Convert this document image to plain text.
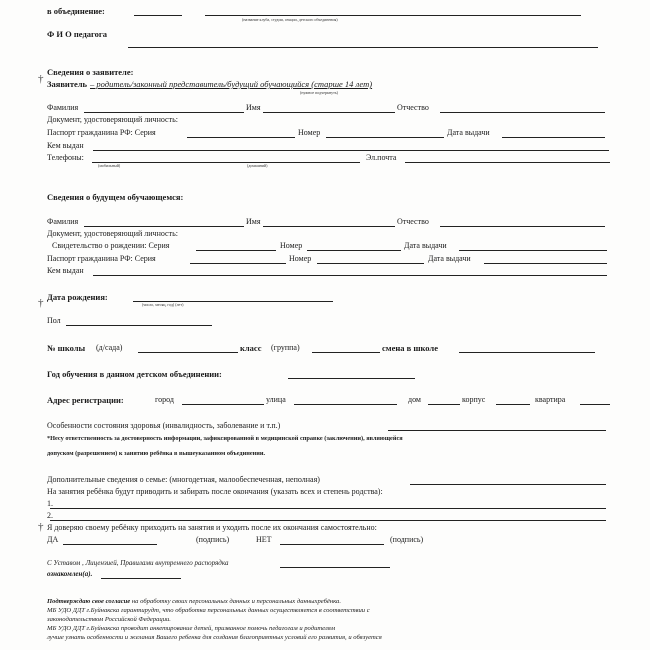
в объединение:
(название клуба, студии, секции, детского объединения)
Ф И О педагога
Сведения о заявителе:
† Заявитель – родитель/законный представитель/будущий обучающийся (старше 14 лет)
(нужное подчеркнуть)
Фамилия	Имя	Отчество
Документ, удостоверяющий личность:
Паспорт гражданина РФ: Серия	Номер	Дата выдачи
Кем выдан
Телефоны:
(мобильный)	(домашний)
Эл.почта
Сведения о будущем обучающемся:
Фамилия	Имя	Отчество
Документ, удостоверяющий личность:
Свидетельство о рождении: Серия	Номер	Дата выдачи
Паспорт гражданина РФ: Серия	Номер	Дата выдачи
Кем выдан
† Дата рождения:
(число, месяц, год) (лет)
Пол
№ школы (д/сада)	класс (группа)	смена в школе
Год обучения в данном детском объединении:
Адрес регистрации:	город	улица	дом	корпус	квартира
Особенности состояния здоровья (инвалидность, заболевание и т.п.)
*Несу ответственность за достоверность информации, зафиксированной в медицинской справке (заключении), являющейся
допуском (разрешением) к занятию ребёнка в вышеуказанном объединении.
Дополнительные сведения о семье: (многодетная, малообеспеченная, неполная)
На занятия ребёнка будут приводить и забирать после окончания (указать всех и степень родства):
1.
2.
† Я доверяю своему ребёнку приходить на занятия и уходить после их окончания самостоятельно:
ДА	(подпись)	НЕТ	(подпись)
С Уставом , Лицензией, Правилами внутреннего распорядка
ознакомлен(а).
Подтверждаю свое согласие на обработку своих персональных данных и персональных данныхребёнка.
МБ УДО ДДТ г.Буйнакска гарантирудт, что обработка персональных данных осуществляется в соответствии с
законодательством Российской Федерации.
МБ УДО ДДТ г.Буйнакска проводит анкетирование детей, призванное помочь педагогам и родителям
лучше узнать особенности и желания Вашего ребенка для создания благоприятных условий его развития, и обязуется
